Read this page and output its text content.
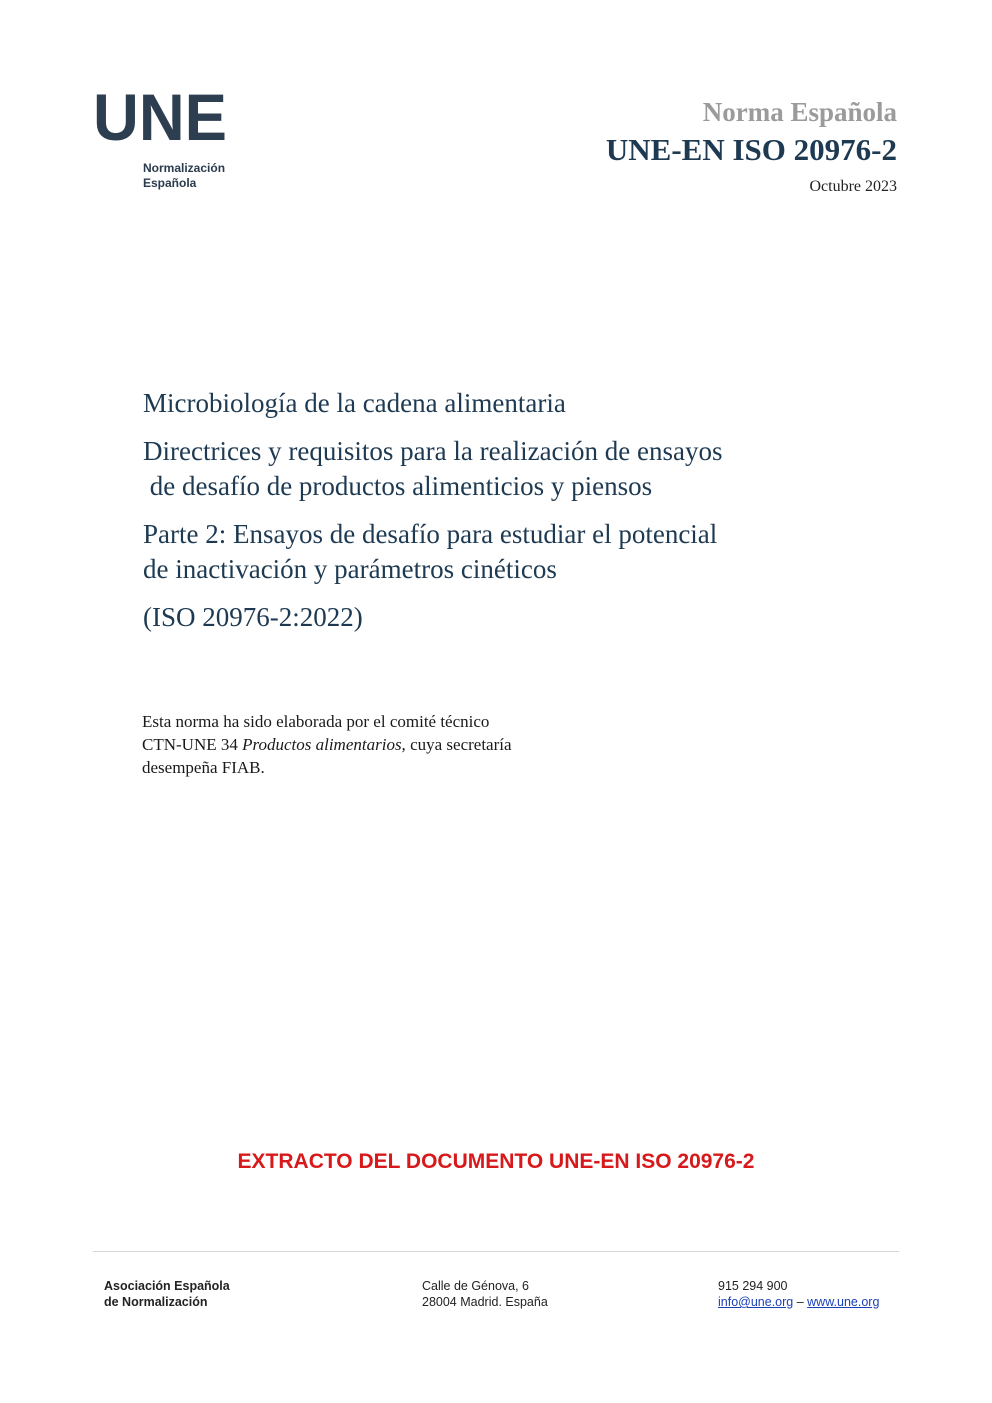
UNE
Normalización
Española
Norma Española
UNE-EN ISO 20976-2
Octubre 2023
Microbiología de la cadena alimentaria
Directrices y requisitos para la realización de ensayos
de desafío de productos alimenticios y piensos
Parte 2: Ensayos de desafío para estudiar el potencial
de inactivación y parámetros cinéticos
(ISO 20976-2:2022)
Esta norma ha sido elaborada por el comité técnico
CTN-UNE 34 Productos alimentarios, cuya secretaría
desempeña FIAB.
EXTRACTO DEL DOCUMENTO UNE-EN ISO 20976-2
Asociación Española
de Normalización
Calle de Génova, 6
28004 Madrid. España
915 294 900
info@une.org – www.une.org
